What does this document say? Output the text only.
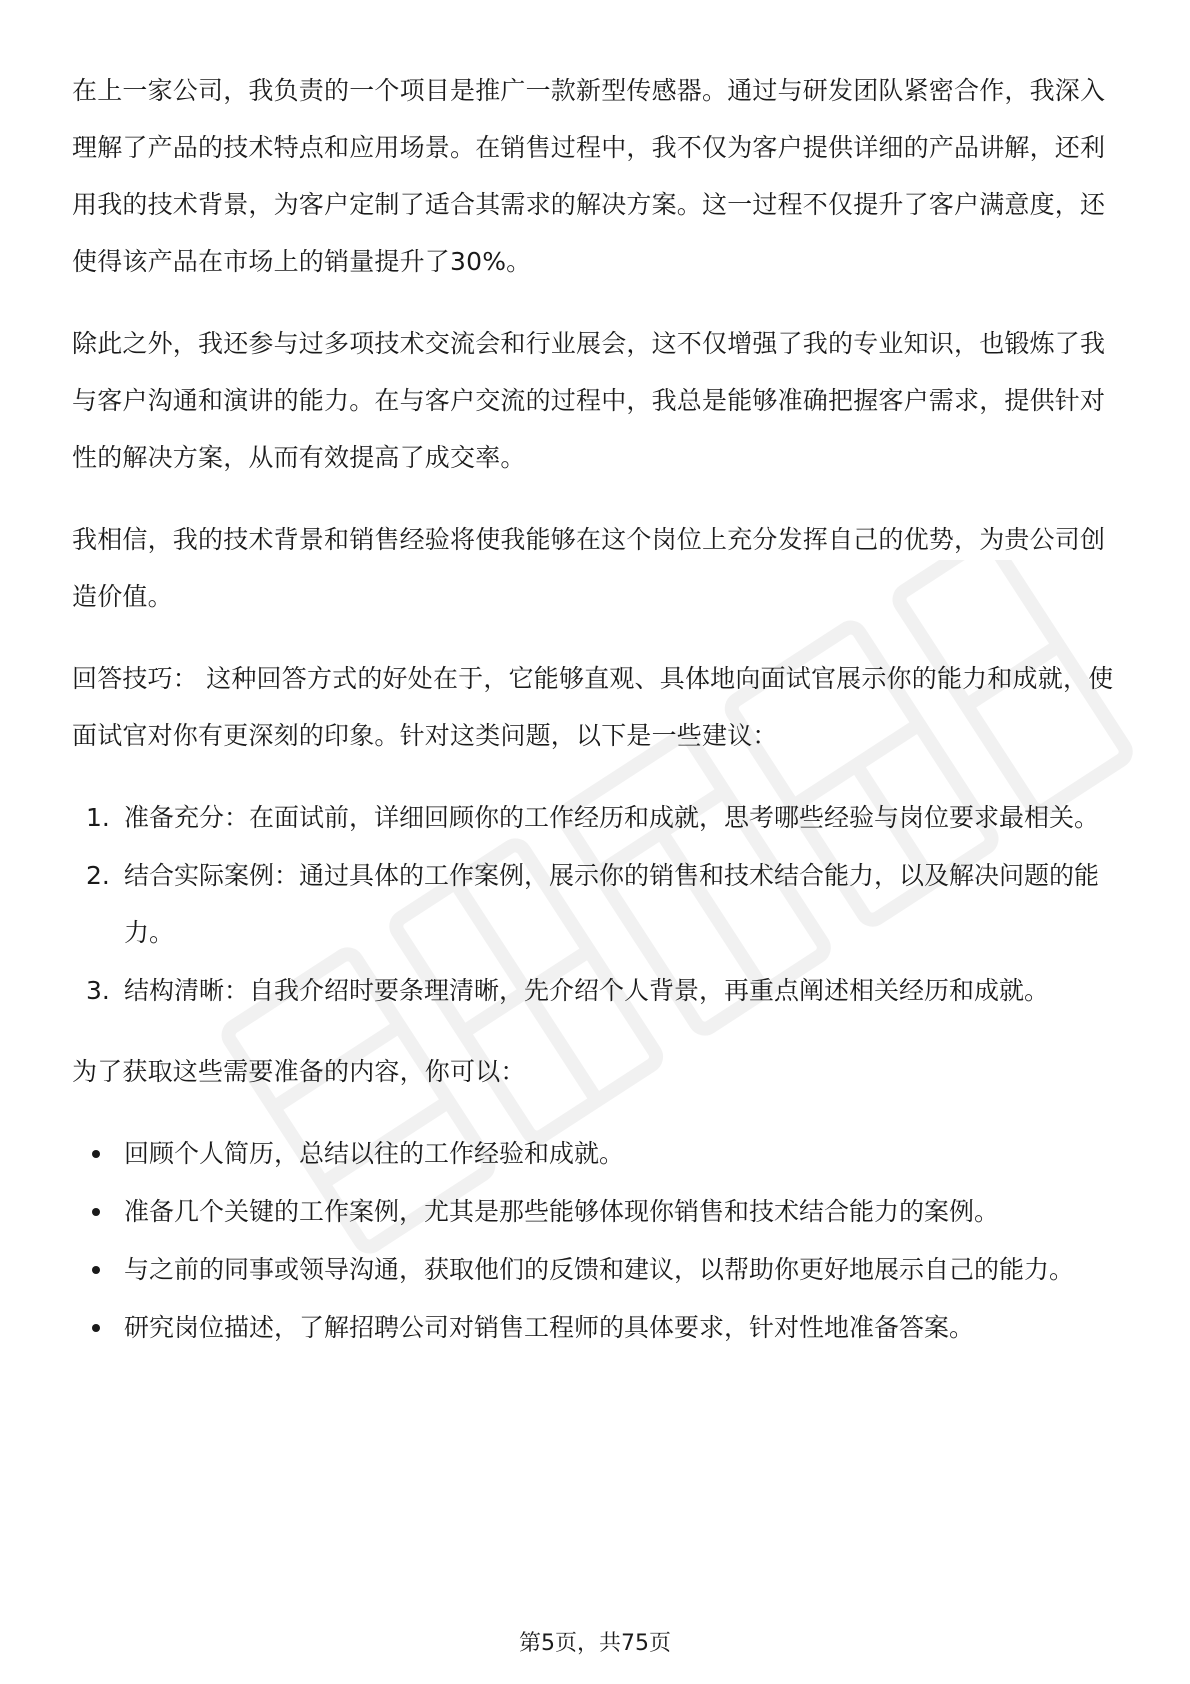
在上一家公司，我负责的一个项目是推广一款新型传感器。通过与研发团队紧密合作，我深入理解了产品的技术特点和应用场景。在销售过程中，我不仅为客户提供详细的产品讲解，还利用我的技术背景，为客户定制了适合其需求的解决方案。这一过程不仅提升了客户满意度，还使得该产品在市场上的销量提升了30%。

除此之外，我还参与过多项技术交流会和行业展会，这不仅增强了我的专业知识，也锻炼了我与客户沟通和演讲的能力。在与客户交流的过程中，我总是能够准确把握客户需求，提供针对性的解决方案，从而有效提高了成交率。

我相信，我的技术背景和销售经验将使我能够在这个岗位上充分发挥自己的优势，为贵公司创造价值。

回答技巧： 这种回答方式的好处在于，它能够直观、具体地向面试官展示你的能力和成就，使面试官对你有更深刻的印象。针对这类问题，以下是一些建议：

1. 准备充分：在面试前，详细回顾你的工作经历和成就，思考哪些经验与岗位要求最相关。
2. 结合实际案例：通过具体的工作案例，展示你的销售和技术结合能力，以及解决问题的能力。
3. 结构清晰：自我介绍时要条理清晰，先介绍个人背景，再重点阐述相关经历和成就。

为了获取这些需要准备的内容，你可以：

回顾个人简历，总结以往的工作经验和成就。
准备几个关键的工作案例，尤其是那些能够体现你销售和技术结合能力的案例。
与之前的同事或领导沟通，获取他们的反馈和建议，以帮助你更好地展示自己的能力。
研究岗位描述，了解招聘公司对销售工程师的具体要求，针对性地准备答案。
第5页，共75页
